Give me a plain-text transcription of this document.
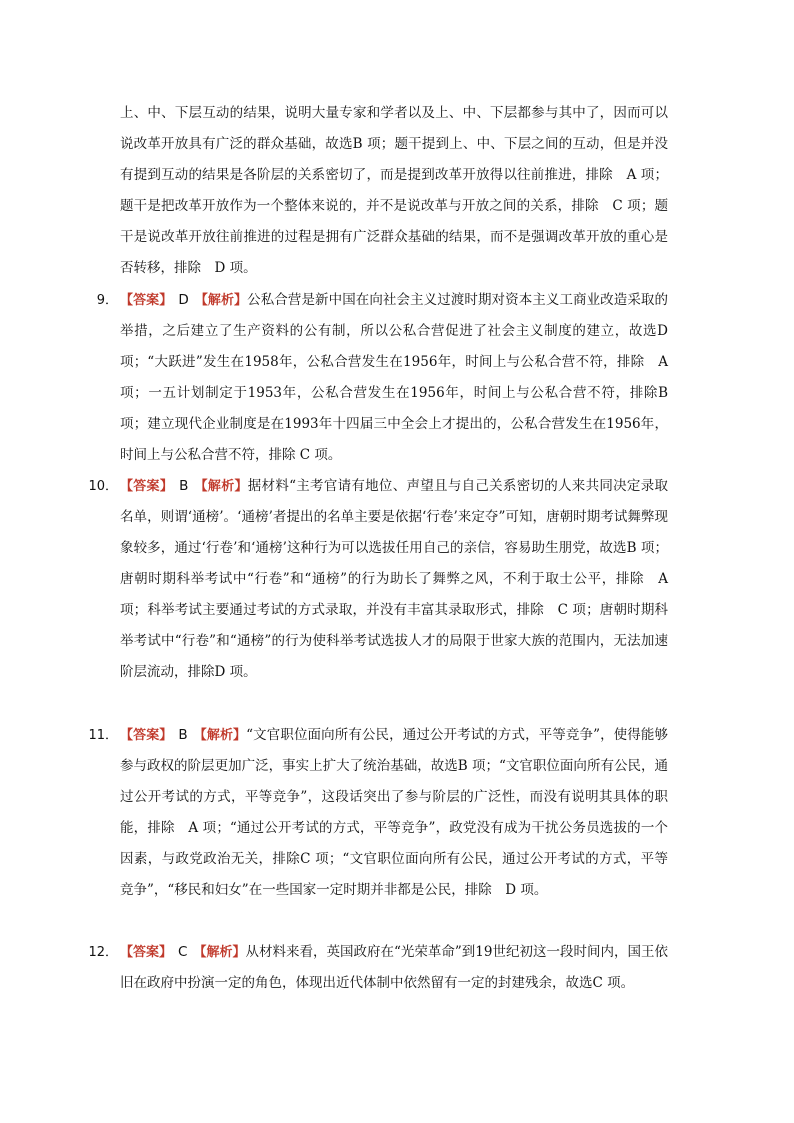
上、中、下层互动的结果，说明大量专家和学者以及上、中、下层都参与其中了，因而可以说改革开放具有广泛的群众基础，故选B 项；题干提到上、中、下层之间的互动，但是并没有提到互动的结果是各阶层的关系密切了，而是提到改革开放得以往前推进，排除　A 项；题干是把改革开放作为一个整体来说的，并不是说改革与开放之间的关系，排除　C 项；题干是说改革开放往前推进的过程是拥有广泛群众基础的结果，而不是强调改革开放的重心是否转移，排除　D 项。

9． 【答案】 D 【解析】公私合营是新中国在向社会主义过渡时期对资本主义工商业改造采取的举措，之后建立了生产资料的公有制，所以公私合营促进了社会主义制度的建立，故选D 项；“大跃进”发生在1958年，公私合营发生在1956年，时间上与公私合营不符，排除　A 项；一五计划制定于1953年，公私合营发生在1956年，时间上与公私合营不符，排除B 项；建立现代企业制度是在1993年十四届三中全会上才提出的，公私合营发生在1956年，时间上与公私合营不符，排除 C 项。

10． 【答案】 B 【解析】据材料“主考官请有地位、声望且与自己关系密切的人来共同决定录取名单，则谓‘通榜’。‘通榜’者提出的名单主要是依据‘行卷’来定夺”可知，唐朝时期考试舞弊现象较多，通过‘行卷’和‘通榜’这种行为可以选拔任用自己的亲信，容易助生朋党，故选B 项；唐朝时期科举考试中“行卷”和“通榜”的行为助长了舞弊之风，不利于取士公平，排除　A 项；科举考试主要通过考试的方式录取，并没有丰富其录取形式，排除　C 项；唐朝时期科举考试中“行卷”和“通榜”的行为使科举考试选拔人才的局限于世家大族的范围内，无法加速阶层流动，排除D 项。

11． 【答案】 B 【解析】“文官职位面向所有公民，通过公开考试的方式，平等竞争”，使得能够参与政权的阶层更加广泛，事实上扩大了统治基础，故选B 项；“文官职位面向所有公民，通过公开考试的方式，平等竞争”，这段话突出了参与阶层的广泛性，而没有说明其具体的职能，排除　A 项；“通过公开考试的方式，平等竞争”，政党没有成为干扰公务员选拔的一个因素，与政党政治无关，排除C 项；“文官职位面向所有公民，通过公开考试的方式，平等竞争”，“移民和妇女”在一些国家一定时期并非都是公民，排除　D 项。

12． 【答案】 C 【解析】从材料来看，英国政府在“光荣革命”到19世纪初这一段时间内，国王依旧在政府中扮演一定的角色，体现出近代体制中依然留有一定的封建残余，故选C 项。
